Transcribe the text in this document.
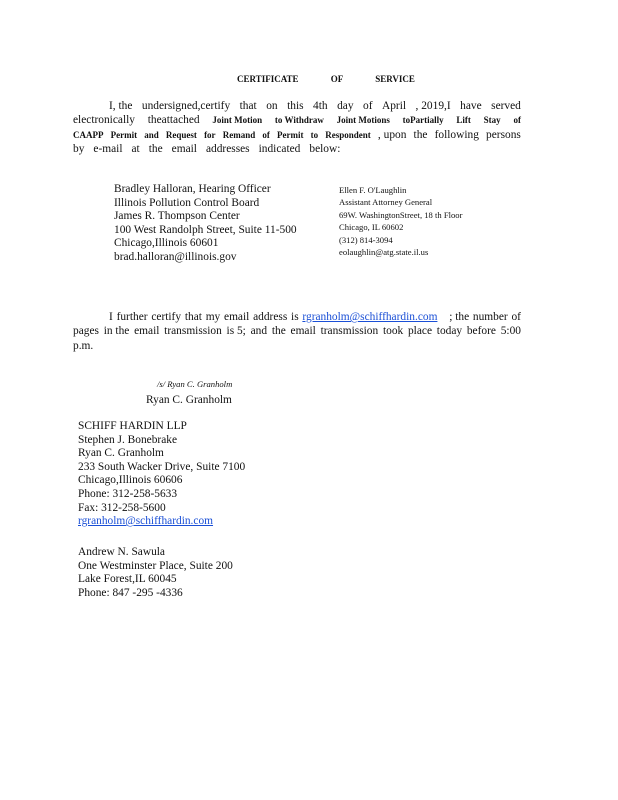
CERTIFICATE OF SERVICE
I, the undersigned,certify that on this 4th day of April , 2019,I have served
electronically theattached Joint Motion to Withdraw Joint Motions toPartially Lift Stay of
CAAPP Permit and Request for Remand of Permit to Respondent , upon the following persons
by e-mail at the email addresses indicated below:
Bradley Halloran, Hearing Officer
Illinois Pollution Control Board
James R. Thompson Center
100 West Randolph Street, Suite 11-500
Chicago,Illinois 60601
brad.halloran@illinois.gov
Ellen F. O'Laughlin
Assistant Attorney General
69W. WashingtonStreet, 18 th Floor
Chicago, IL 60602
(312) 814-3094
eolaughlin@atg.state.il.us
I further certify that my email address is rgranholm@schiffhardin.com	; the number of
pages in the email transmission is 5; and the email transmission took place today before 5:00
p.m.
/s/ Ryan C. Granholm
Ryan C. Granholm
SCHIFF HARDIN LLP
Stephen J. Bonebrake
Ryan C. Granholm
233 South Wacker Drive, Suite 7100
Chicago,Illinois 60606
Phone: 312-258-5633
Fax: 312-258-5600
rgranholm@schiffhardin.com
Andrew N. Sawula
One Westminster Place, Suite 200
Lake Forest,IL 60045
Phone: 847 -295 -4336
